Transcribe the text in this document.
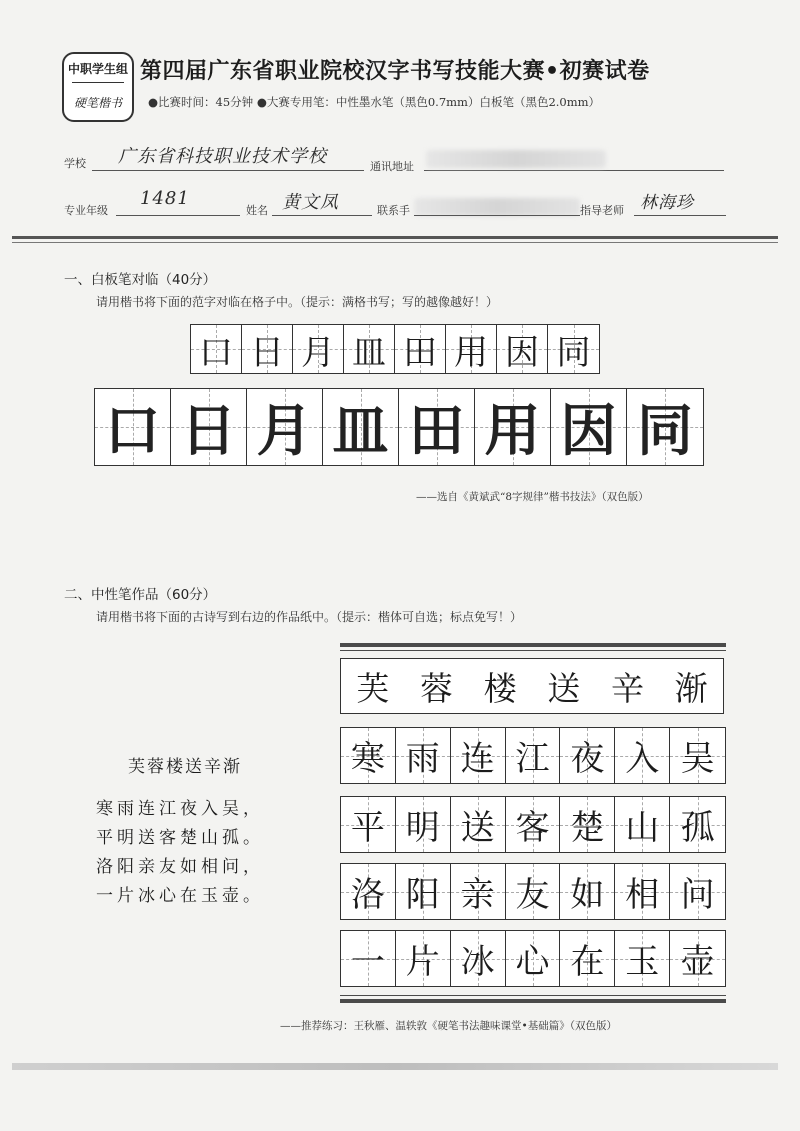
中职学生组
硬笔楷书
第四届广东省职业院校汉字书写技能大赛•初赛试卷
●比赛时间：45分钟 ●大赛专用笔：中性墨水笔（黑色0.7mm）白板笔（黑色2.0mm）
学校 广东省科技职业技术学校	通讯地址
专业年级
1481
姓名 黄文凤	联系手	指导老师 林海珍
一、白板笔对临（40分）
请用楷书将下面的范字对临在格子中。（提示：满格书写；写的越像越好！）
口 日 月 皿 田 用 因 同
口 日 月 皿 田 用 因 同
——选自《黄斌武“8字规律”楷书技法》（双色版）
二、中性笔作品（60分）
请用楷书将下面的古诗写到右边的作品纸中。（提示：楷体可自选；标点免写！）
芙蓉楼送辛渐
寒雨连江夜入吴，
平明送客楚山孤。
洛阳亲友如相问，
一片冰心在玉壶。
芙 蓉 楼 送 辛 渐
寒 雨 连 江 夜 入 吴
平 明 送 客 楚 山 孤
洛 阳 亲 友 如 相 问
一 片 冰 心 在 玉 壶
——推荐练习：王秋雁、温轶敦《硬笔书法趣味课堂•基础篇》（双色版）
